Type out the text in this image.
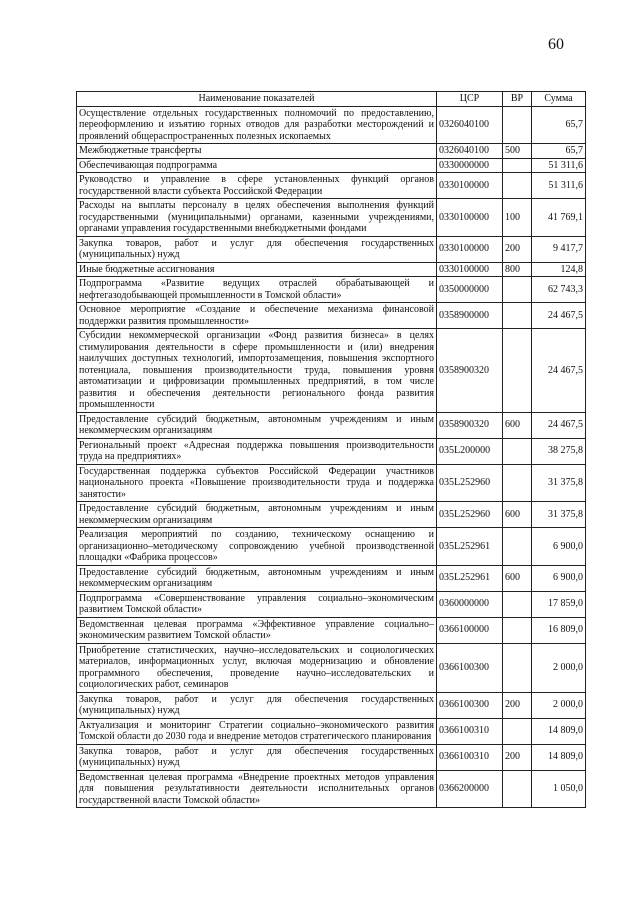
60
Наименование показателей	ЦСР	ВР	Сумма
Осуществление отдельных государственных полномочий по предоставлению, переоформлению и изъятию горных отводов для разработки месторождений и проявлений общераспространенных полезных ископаемых	0326040100		65,7
Межбюджетные трансферты	0326040100	500	65,7
Обеспечивающая подпрограмма	0330000000		51 311,6
Руководство и управление в сфере установленных функций органов государственной власти субъекта Российской Федерации	0330100000		51 311,6
Расходы на выплаты персоналу в целях обеспечения выполнения функций государственными (муниципальными) органами, казенными учреждениями, органами управления государственными внебюджетными фондами	0330100000	100	41 769,1
Закупка товаров, работ и услуг для обеспечения государственных (муниципальных) нужд	0330100000	200	9 417,7
Иные бюджетные ассигнования	0330100000	800	124,8
Подпрограмма «Развитие ведущих отраслей обрабатывающей и нефтегазодобывающей промышленности в Томской области»	0350000000		62 743,3
Основное мероприятие «Создание и обеспечение механизма финансовой поддержки развития промышленности»	0358900000		24 467,5
Субсидии некоммерческой организации «Фонд развития бизнеса» в целях стимулирования деятельности в сфере промышленности и (или) внедрения наилучших доступных технологий, импортозамещения, повышения экспортного потенциала, повышения производительности труда, повышения уровня автоматизации и цифровизации промышленных предприятий, в том числе развития и обеспечения деятельности регионального фонда развития промышленности	0358900320		24 467,5
Предоставление субсидий бюджетным, автономным учреждениям и иным некоммерческим организациям	0358900320	600	24 467,5
Региональный проект «Адресная поддержка повышения производительности труда на предприятиях»	035L200000		38 275,8
Государственная поддержка субъектов Российской Федерации участников национального проекта «Повышение производительности труда и поддержка занятости»	035L252960		31 375,8
Предоставление субсидий бюджетным, автономным учреждениям и иным некоммерческим организациям	035L252960	600	31 375,8
Реализация мероприятий по созданию, техническому оснащению и организационно–методическому сопровождению учебной производственной площадки «Фабрика процессов»	035L252961		6 900,0
Предоставление субсидий бюджетным, автономным учреждениям и иным некоммерческим организациям	035L252961	600	6 900,0
Подпрограмма «Совершенствование управления социально–экономическим развитием Томской области»	0360000000		17 859,0
Ведомственная целевая программа «Эффективное управление социально–экономическим развитием Томской области»	0366100000		16 809,0
Приобретение статистических, научно–исследовательских и социологических материалов, информационных услуг, включая модернизацию и обновление программного обеспечения, проведение научно–исследовательских и социологических работ, семинаров	0366100300		2 000,0
Закупка товаров, работ и услуг для обеспечения государственных (муниципальных) нужд	0366100300	200	2 000,0
Актуализация и мониторинг Стратегии социально–экономического развития Томской области до 2030 года и внедрение методов стратегического планирования	0366100310		14 809,0
Закупка товаров, работ и услуг для обеспечения государственных (муниципальных) нужд	0366100310	200	14 809,0
Ведомственная целевая программа «Внедрение проектных методов управления для повышения результативности деятельности исполнительных органов государственной власти Томской области»	0366200000		1 050,0
